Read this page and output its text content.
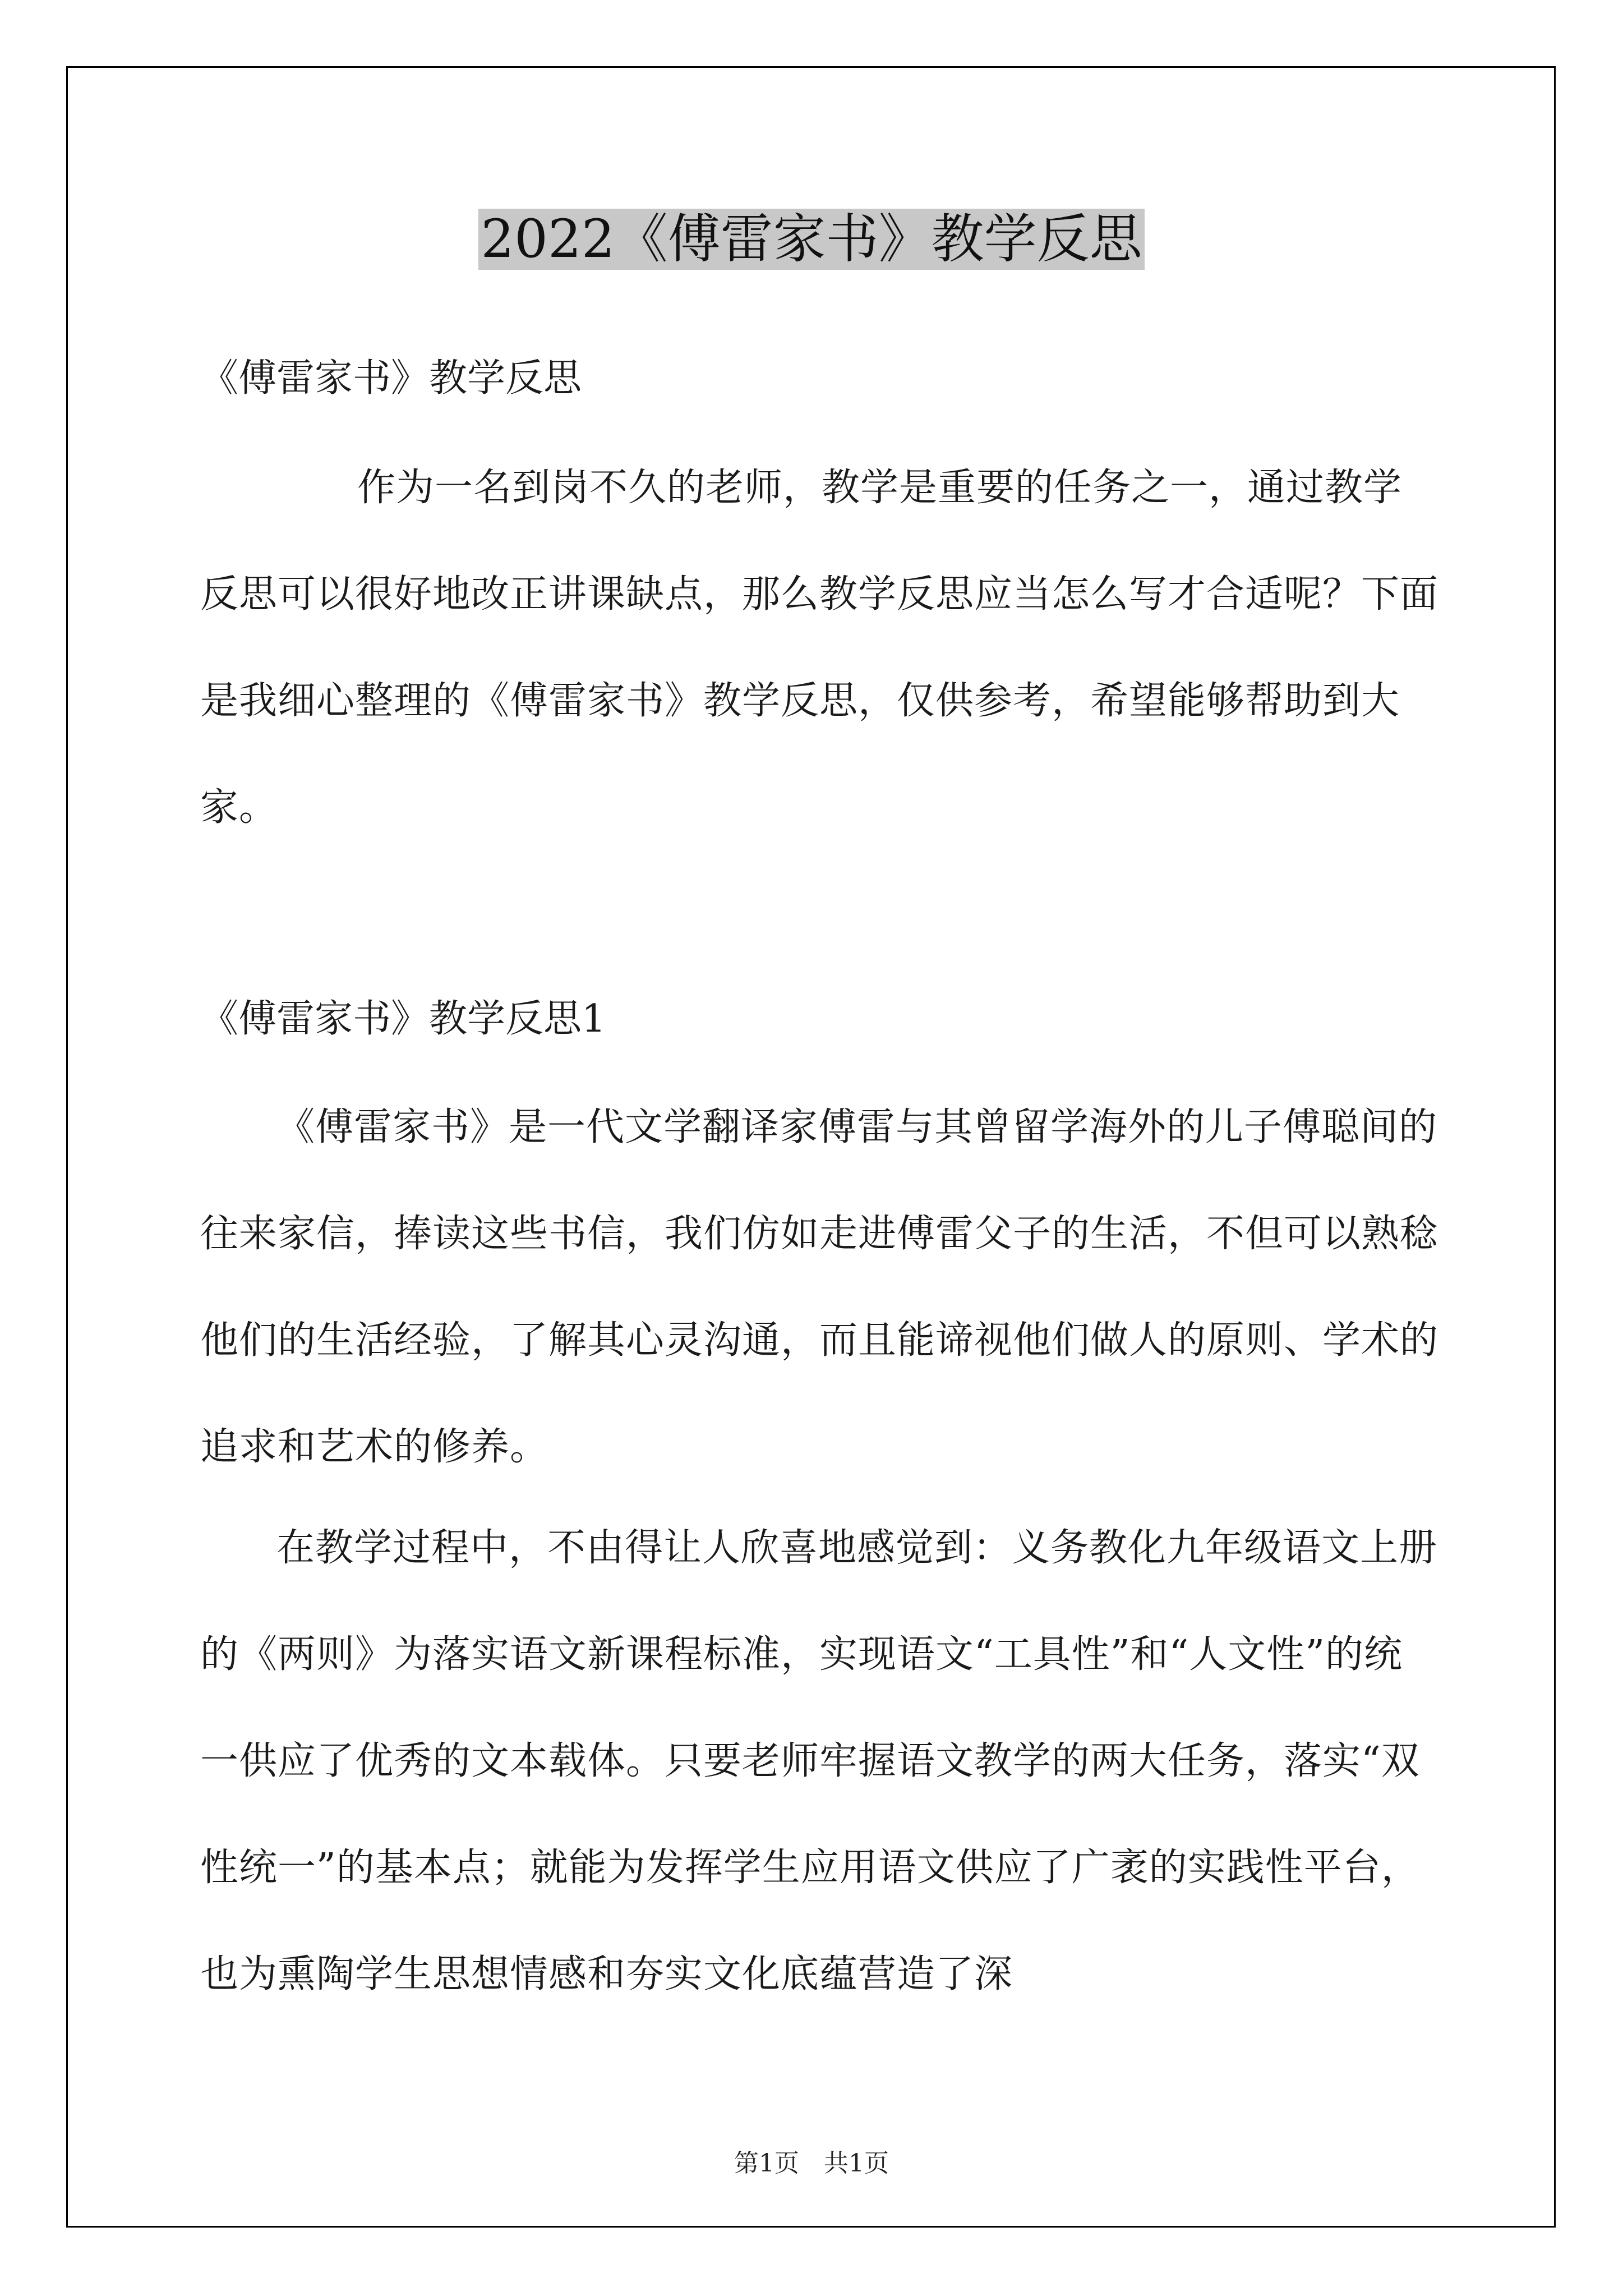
2022《傅雷家书》教学反思
《傅雷家书》教学反思
作为一名到岗不久的老师，教学是重要的任务之一，通过教学反思可以很好地改正讲课缺点，那么教学反思应当怎么写才合适呢？下面是我细心整理的《傅雷家书》教学反思，仅供参考，希望能够帮助到大家。
《傅雷家书》教学反思1
《傅雷家书》是一代文学翻译家傅雷与其曾留学海外的儿子傅聪间的往来家信，捧读这些书信，我们仿如走进傅雷父子的生活，不但可以熟稔他们的生活经验，了解其心灵沟通，而且能谛视他们做人的原则、学术的追求和艺术的修养。
在教学过程中，不由得让人欣喜地感觉到：义务教化九年级语文上册的《两则》为落实语文新课程标准，实现语文“工具性”和“人文性”的统一供应了优秀的文本载体。只要老师牢握语文教学的两大任务，落实“双性统一”的基本点；就能为发挥学生应用语文供应了广袤的实践性平台，也为熏陶学生思想情感和夯实文化底蕴营造了深
第1页 共1页
